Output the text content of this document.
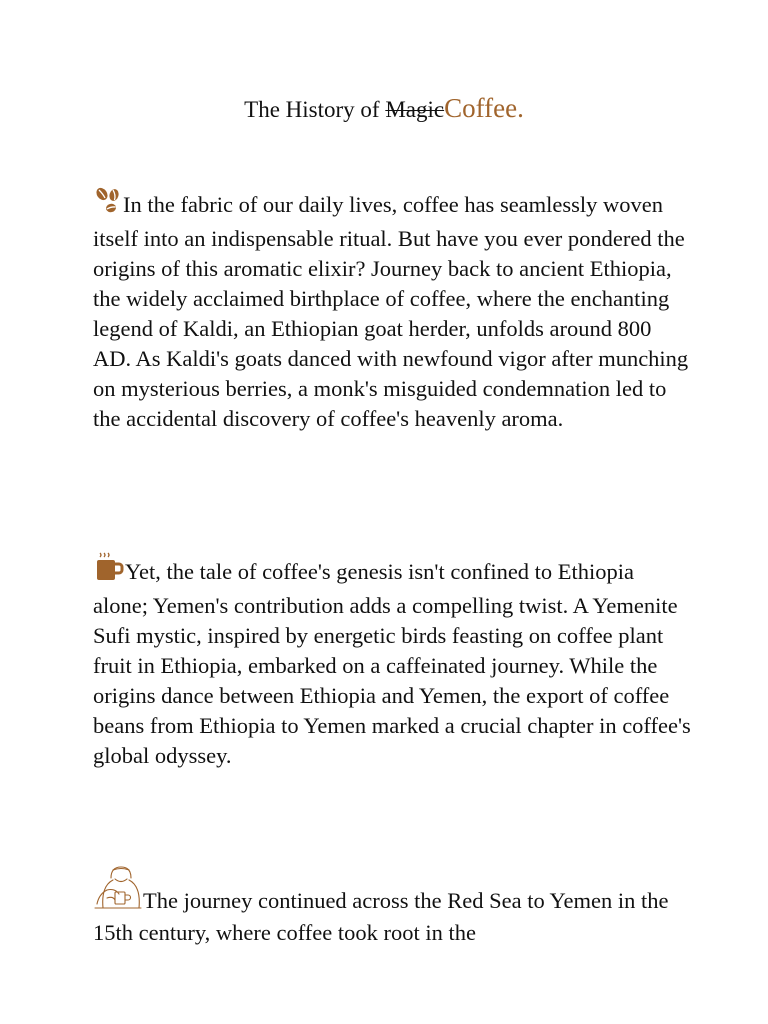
The History of MagicCoffee.

In the fabric of our daily lives, coffee has seamlessly woven itself into an indispensable ritual. But have you ever pondered the origins of this aromatic elixir? Journey back to ancient Ethiopia, the widely acclaimed birthplace of coffee, where the enchanting legend of Kaldi, an Ethiopian goat herder, unfolds around 800 AD. As Kaldi's goats danced with newfound vigor after munching on mysterious berries, a monk's misguided condemnation led to the accidental discovery of coffee's heavenly aroma.

Yet, the tale of coffee's genesis isn't confined to Ethiopia alone; Yemen's contribution adds a compelling twist. A Yemenite Sufi mystic, inspired by energetic birds feasting on coffee plant fruit in Ethiopia, embarked on a caffeinated journey. While the origins dance between Ethiopia and Yemen, the export of coffee beans from Ethiopia to Yemen marked a crucial chapter in coffee's global odyssey.

The journey continued across the Red Sea to Yemen in the 15th century, where coffee took root in the
